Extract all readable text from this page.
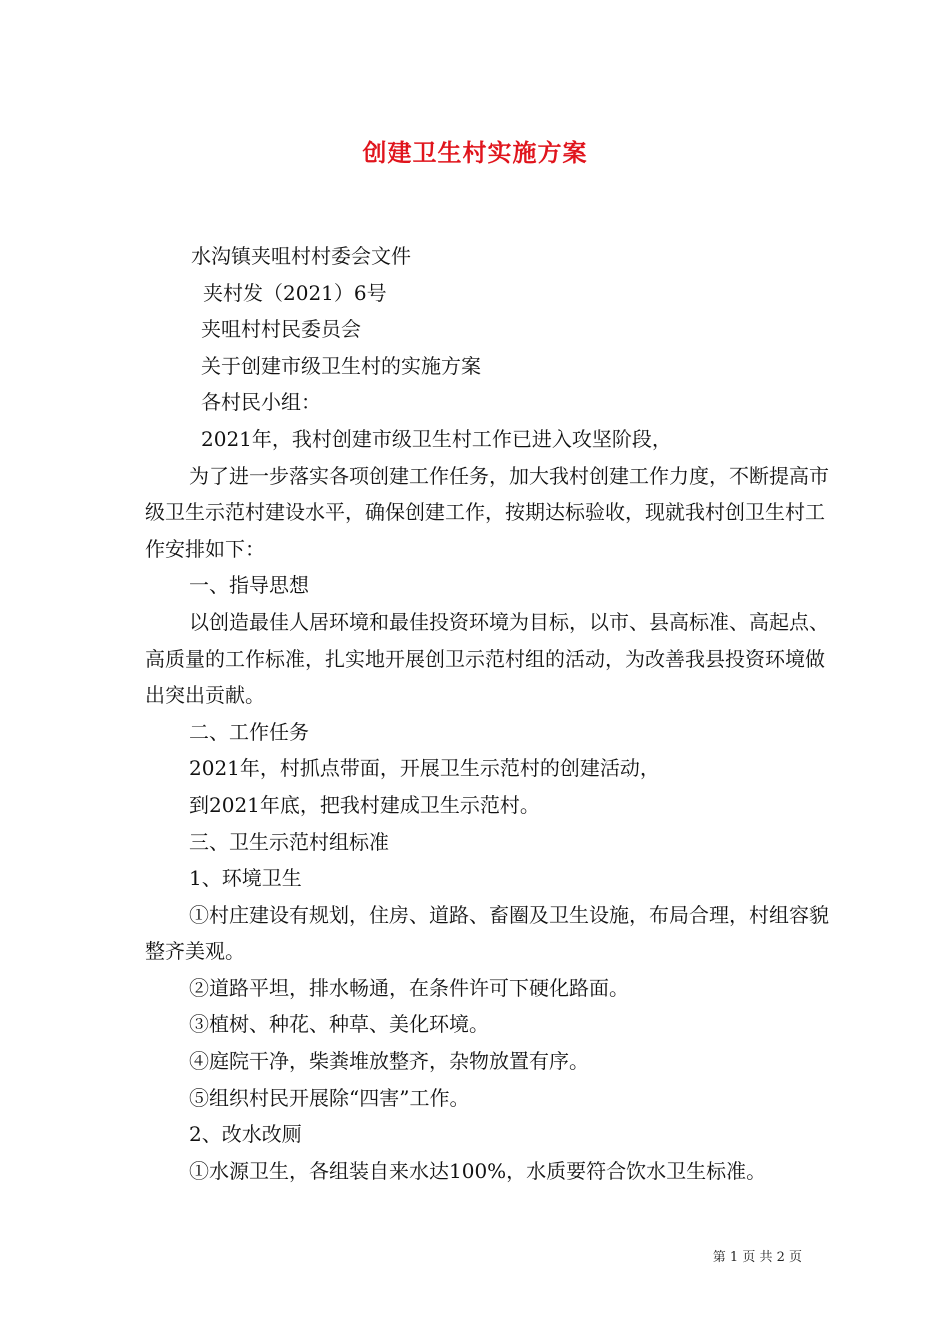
创建卫生村实施方案

水沟镇夹咀村村委会文件

夹村发（2021）6号

夹咀村村民委员会

关于创建市级卫生村的实施方案

各村民小组：

2021年，我村创建市级卫生村工作已进入攻坚阶段，

为了进一步落实各项创建工作任务，加大我村创建工作力度，不断提高市级卫生示范村建设水平，确保创建工作，按期达标验收，现就我村创卫生村工作安排如下：

一、指导思想

以创造最佳人居环境和最佳投资环境为目标，以市、县高标准、高起点、高质量的工作标准，扎实地开展创卫示范村组的活动，为改善我县投资环境做出突出贡献。

二、工作任务

2021年，村抓点带面，开展卫生示范村的创建活动，

到2021年底，把我村建成卫生示范村。

三、卫生示范村组标准

1、环境卫生

①村庄建设有规划，住房、道路、畜圈及卫生设施，布局合理，村组容貌整齐美观。

②道路平坦，排水畅通，在条件许可下硬化路面。

③植树、种花、种草、美化环境。

④庭院干净，柴粪堆放整齐，杂物放置有序。

⑤组织村民开展除“四害”工作。

2、改水改厕

①水源卫生，各组装自来水达100%，水质要符合饮水卫生标准。

第 1 页 共 2 页
